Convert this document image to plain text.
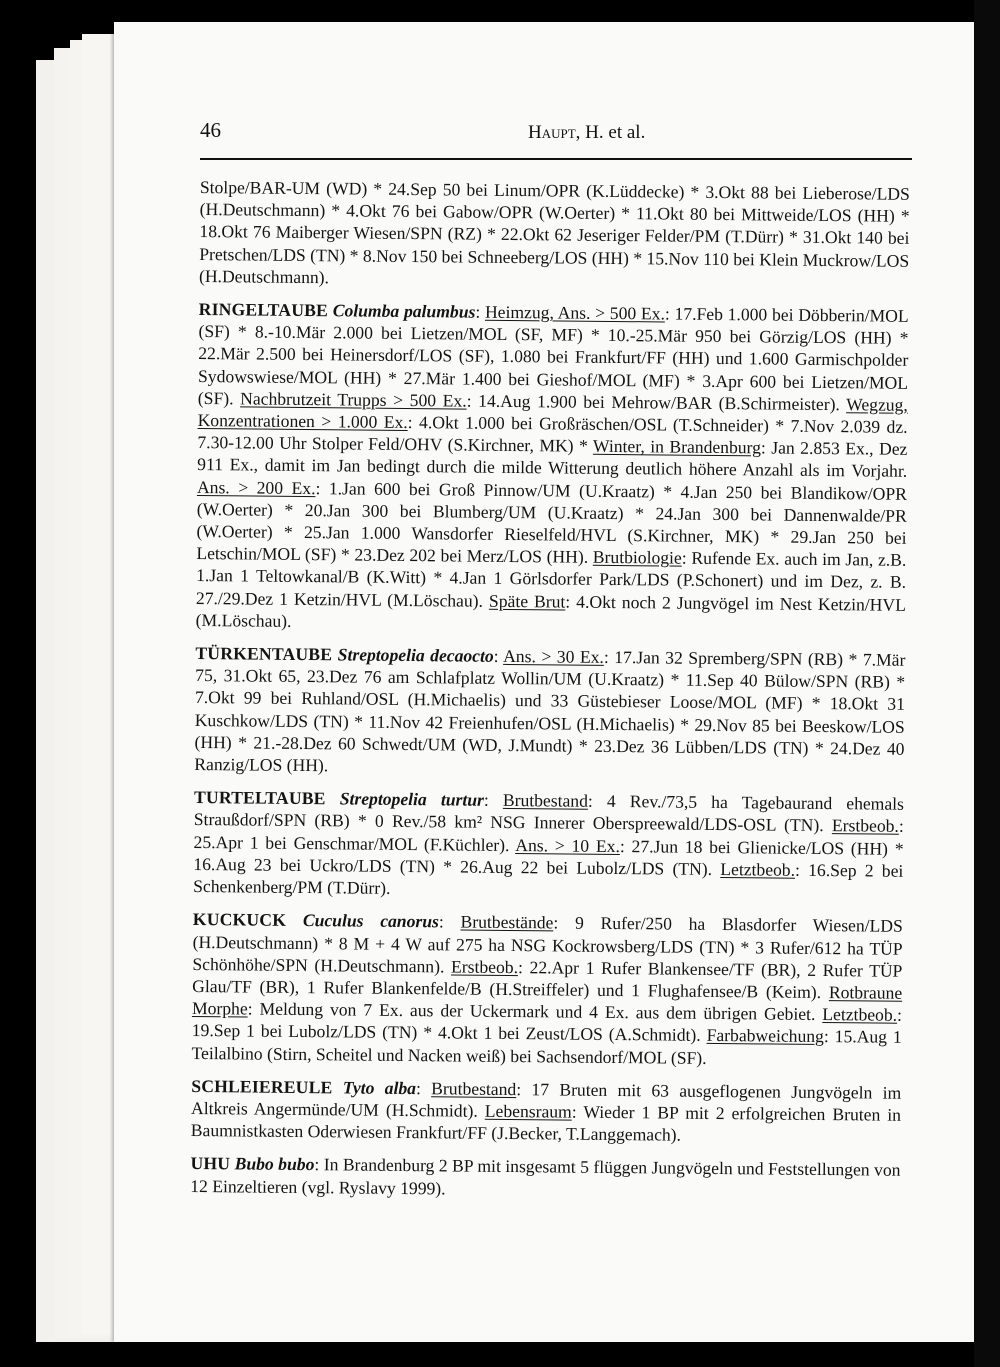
46	Haupt, H. et al.

Stolpe/BAR-UM (WD) * 24.Sep 50 bei Linum/OPR (K.Lüddecke) * 3.Okt 88 bei Lieberose/LDS (H.Deutschmann) * 4.Okt 76 bei Gabow/OPR (W.Oerter) * 11.Okt 80 bei Mittweide/LOS (HH) * 18.Okt 76 Maiberger Wiesen/SPN (RZ) * 22.Okt 62 Jeseriger Felder/PM (T.Dürr) * 31.Okt 140 bei Pretschen/LDS (TN) * 8.Nov 150 bei Schneeberg/LOS (HH) * 15.Nov 110 bei Klein Muckrow/LOS (H.Deutschmann).

RINGELTAUBE Columba palumbus: Heimzug, Ans. > 500 Ex.: 17.Feb 1.000 bei Döbberin/MOL (SF) * 8.-10.Mär 2.000 bei Lietzen/MOL (SF, MF) * 10.-25.Mär 950 bei Görzig/LOS (HH) * 22.Mär 2.500 bei Heinersdorf/LOS (SF), 1.080 bei Frankfurt/FF (HH) und 1.600 Garmischpolder Sydowswiese/MOL (HH) * 27.Mär 1.400 bei Gieshof/MOL (MF) * 3.Apr 600 bei Lietzen/MOL (SF). Nachbrutzeit Trupps > 500 Ex.: 14.Aug 1.900 bei Mehrow/BAR (B.Schirmeister). Wegzug, Konzentrationen > 1.000 Ex.: 4.Okt 1.000 bei Großräschen/OSL (T.Schneider) * 7.Nov 2.039 dz. 7.30-12.00 Uhr Stolper Feld/OHV (S.Kirchner, MK) * Winter, in Brandenburg: Jan 2.853 Ex., Dez 911 Ex., damit im Jan bedingt durch die milde Witterung deutlich höhere Anzahl als im Vorjahr. Ans. > 200 Ex.: 1.Jan 600 bei Groß Pinnow/UM (U.Kraatz) * 4.Jan 250 bei Blandikow/OPR (W.Oerter) * 20.Jan 300 bei Blumberg/UM (U.Kraatz) * 24.Jan 300 bei Dannenwalde/PR (W.Oerter) * 25.Jan 1.000 Wansdorfer Rieselfeld/HVL (S.Kirchner, MK) * 29.Jan 250 bei Letschin/MOL (SF) * 23.Dez 202 bei Merz/LOS (HH). Brutbiologie: Rufende Ex. auch im Jan, z.B. 1.Jan 1 Teltowkanal/B (K.Witt) * 4.Jan 1 Görlsdorfer Park/LDS (P.Schonert) und im Dez, z. B. 27./29.Dez 1 Ketzin/HVL (M.Löschau). Späte Brut: 4.Okt noch 2 Jungvögel im Nest Ketzin/HVL (M.Löschau).

TÜRKENTAUBE Streptopelia decaocto: Ans. > 30 Ex.: 17.Jan 32 Spremberg/SPN (RB) * 7.Mär 75, 31.Okt 65, 23.Dez 76 am Schlafplatz Wollin/UM (U.Kraatz) * 11.Sep 40 Bülow/SPN (RB) * 7.Okt 99 bei Ruhland/OSL (H.Michaelis) und 33 Güstebieser Loose/MOL (MF) * 18.Okt 31 Kuschkow/LDS (TN) * 11.Nov 42 Freienhufen/OSL (H.Michaelis) * 29.Nov 85 bei Beeskow/LOS (HH) * 21.-28.Dez 60 Schwedt/UM (WD, J.Mundt) * 23.Dez 36 Lübben/LDS (TN) * 24.Dez 40 Ranzig/LOS (HH).

TURTELTAUBE Streptopelia turtur: Brutbestand: 4 Rev./73,5 ha Tagebaurand ehemals Straußdorf/SPN (RB) * 0 Rev./58 km² NSG Innerer Oberspreewald/LDS-OSL (TN). Erstbeob.: 25.Apr 1 bei Genschmar/MOL (F.Küchler). Ans. > 10 Ex.: 27.Jun 18 bei Glienicke/LOS (HH) * 16.Aug 23 bei Uckro/LDS (TN) * 26.Aug 22 bei Lubolz/LDS (TN). Letztbeob.: 16.Sep 2 bei Schenkenberg/PM (T.Dürr).

KUCKUCK Cuculus canorus: Brutbestände: 9 Rufer/250 ha Blasdorfer Wiesen/LDS (H.Deutschmann) * 8 M + 4 W auf 275 ha NSG Kockrowsberg/LDS (TN) * 3 Rufer/612 ha TÜP Schönhöhe/SPN (H.Deutschmann). Erstbeob.: 22.Apr 1 Rufer Blankensee/TF (BR), 2 Rufer TÜP Glau/TF (BR), 1 Rufer Blankenfelde/B (H.Streiffeler) und 1 Flughafensee/B (Keim). Rotbraune Morphe: Meldung von 7 Ex. aus der Uckermark und 4 Ex. aus dem übrigen Gebiet. Letztbeob.: 19.Sep 1 bei Lubolz/LDS (TN) * 4.Okt 1 bei Zeust/LOS (A.Schmidt). Farbabweichung: 15.Aug 1 Teilalbino (Stirn, Scheitel und Nacken weiß) bei Sachsendorf/MOL (SF).

SCHLEIEREULE Tyto alba: Brutbestand: 17 Bruten mit 63 ausgeflogenen Jungvögeln im Altkreis Angermünde/UM (H.Schmidt). Lebensraum: Wieder 1 BP mit 2 erfolgreichen Bruten in Baumnistkasten Oderwiesen Frankfurt/FF (J.Becker, T.Langgemach).

UHU Bubo bubo: In Brandenburg 2 BP mit insgesamt 5 flüggen Jungvögeln und Feststellungen von 12 Einzeltieren (vgl. Ryslavy 1999).
